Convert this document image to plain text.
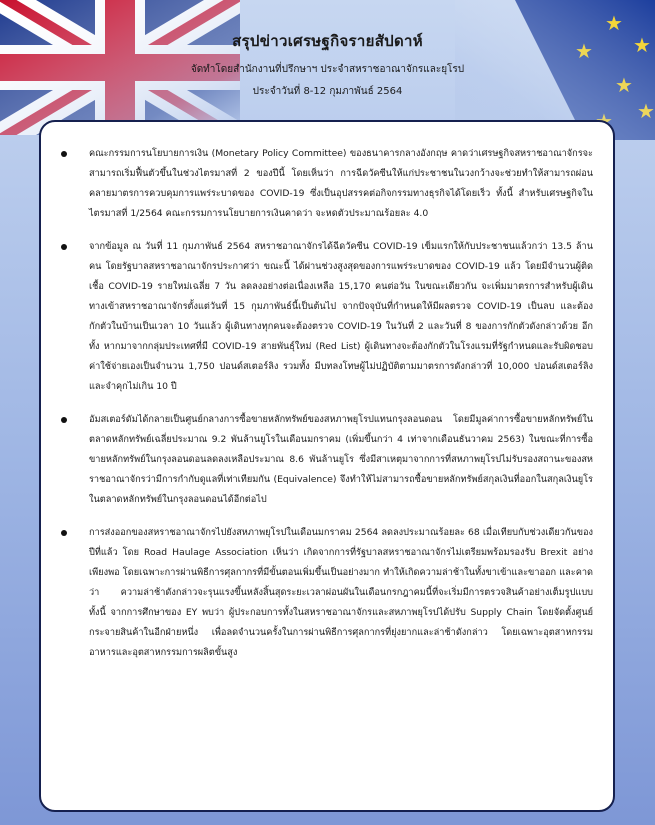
สรุปข่าวเศรษฐกิจรายสัปดาห์
จัดทำโดยสำนักงานที่ปรึกษาฯ ประจำสหราชอาณาจักรและยุโรป
ประจำวันที่ 8-12 กุมภาพันธ์ 2564
คณะกรรมการนโยบายการเงิน (Monetary Policy Committee) ของธนาคารกลางอังกฤษ คาดว่าเศรษฐกิจสหราชอาณาจักรจะสามารถเริ่มฟื้นตัวขึ้นในช่วงไตรมาสที่ 2 ของปีนี้ โดยเห็นว่า การฉีดวัคซีนให้แก่ประชาชนในวงกว้างจะช่วยทำให้สามารถผ่อนคลายมาตรการควบคุมการแพร่ระบาดของ COVID-19 ซึ่งเป็นอุปสรรคต่อกิจกรรมทางธุรกิจได้โดยเร็ว ทั้งนี้ สำหรับเศรษฐกิจในไตรมาสที่ 1/2564 คณะกรรมการนโยบายการเงินคาดว่า จะหดตัวประมาณร้อยละ 4.0
จากข้อมูล ณ วันที่ 11 กุมภาพันธ์ 2564 สหราชอาณาจักรได้ฉีดวัคซีน COVID-19 เข็มแรกให้กับประชาชนแล้วกว่า 13.5 ล้านคน โดยรัฐบาลสหราชอาณาจักรประกาศว่า ขณะนี้ ได้ผ่านช่วงสูงสุดของการแพร่ระบาดของ COVID-19 แล้ว โดยมีจำนวนผู้ติดเชื้อ COVID-19 รายใหม่เฉลี่ย 7 วัน ลดลงอย่างต่อเนื่องเหลือ 15,170 คนต่อวัน ในขณะเดียวกัน จะเพิ่มมาตรการสำหรับผู้เดินทางเข้าสหราชอาณาจักรตั้งแต่วันที่ 15 กุมภาพันธ์นี้เป็นต้นไป จากปัจจุบันที่กำหนดให้มีผลตรวจ COVID-19 เป็นลบ และต้องกักตัวในบ้านเป็นเวลา 10 วันแล้ว ผู้เดินทางทุกคนจะต้องตรวจ COVID-19 ในวันที่ 2 และวันที่ 8 ของการกักตัวดังกล่าวด้วย อีกทั้ง หากมาจากกลุ่มประเทศที่มี COVID-19 สายพันธุ์ใหม่ (Red List) ผู้เดินทางจะต้องกักตัวในโรงแรมที่รัฐกำหนดและรับผิดชอบค่าใช้จ่ายเองเป็นจำนวน 1,750 ปอนด์สเตอร์ลิง รวมทั้ง มีบทลงโทษผู้ไม่ปฏิบัติตามมาตรการดังกล่าวที่ 10,000 ปอนด์สเตอร์ลิงและจำคุกไม่เกิน 10 ปี
อัมสเตอร์ดัมได้กลายเป็นศูนย์กลางการซื้อขายหลักทรัพย์ของสหภาพยุโรปแทนกรุงลอนดอน โดยมีมูลค่าการซื้อขายหลักทรัพย์ในตลาดหลักทรัพย์เฉลี่ยประมาณ 9.2 พันล้านยูโรในเดือนมกราคม (เพิ่มขึ้นกว่า 4 เท่าจากเดือนธันวาคม 2563) ในขณะที่การซื้อขายหลักทรัพย์ในกรุงลอนดอนลดลงเหลือประมาณ 8.6 พันล้านยูโร ซึ่งมีสาเหตุมาจากการที่สหภาพยุโรปไม่รับรองสถานะของสหราชอาณาจักรว่ามีการกำกับดูแลที่เท่าเทียมกัน (Equivalence) จึงทำให้ไม่สามารถซื้อขายหลักทรัพย์สกุลเงินที่ออกในสกุลเงินยูโรในตลาดหลักทรัพย์ในกรุงลอนดอนได้อีกต่อไป
การส่งออกของสหราชอาณาจักรไปยังสหภาพยุโรปในเดือนมกราคม 2564 ลดลงประมาณร้อยละ 68 เมื่อเทียบกับช่วงเดียวกันของปีที่แล้ว โดย Road Haulage Association เห็นว่า เกิดจากการที่รัฐบาลสหราชอาณาจักรไม่เตรียมพร้อมรองรับ Brexit อย่างเพียงพอ โดยเฉพาะการผ่านพิธีการศุลกากรที่มีขั้นตอนเพิ่มขึ้นเป็นอย่างมาก ทำให้เกิดความล่าช้าในทั้งขาเข้าและขาออก และคาดว่า ความล่าช้าดังกล่าวจะรุนแรงขึ้นหลังสิ้นสุดระยะเวลาผ่อนผันในเดือนกรกฎาคมนี้ที่จะเริ่มมีการตรวจสินค้าอย่างเต็มรูปแบบ ทั้งนี้ จากการศึกษาของ EY พบว่า ผู้ประกอบการทั้งในสหราชอาณาจักรและสหภาพยุโรปได้ปรับ Supply Chain โดยจัดตั้งศูนย์กระจายสินค้าในอีกฝ่ายหนึ่ง เพื่อลดจำนวนครั้งในการผ่านพิธีการศุลกากรที่ยุ่งยากและล่าช้าดังกล่าว โดยเฉพาะอุตสาหกรรมอาหารและอุตสาหกรรมการผลิตขั้นสูง
